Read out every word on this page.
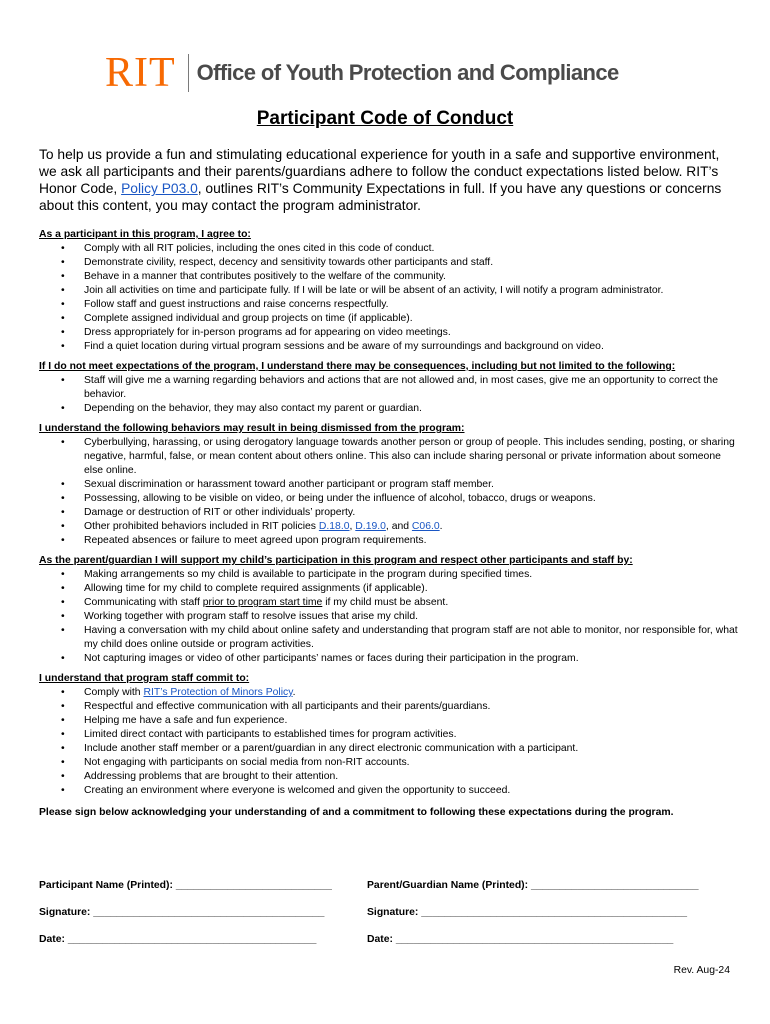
RIT Office of Youth Protection and Compliance
Participant Code of Conduct
To help us provide a fun and stimulating educational experience for youth in a safe and supportive environment, we ask all participants and their parents/guardians adhere to follow the conduct expectations listed below. RIT’s Honor Code, Policy P03.0, outlines RIT’s Community Expectations in full. If you have any questions or concerns about this content, you may contact the program administrator.
As a participant in this program, I agree to:
• Comply with all RIT policies, including the ones cited in this code of conduct.
• Demonstrate civility, respect, decency and sensitivity towards other participants and staff.
• Behave in a manner that contributes positively to the welfare of the community.
• Join all activities on time and participate fully. If I will be late or will be absent of an activity, I will notify a program administrator.
• Follow staff and guest instructions and raise concerns respectfully.
• Complete assigned individual and group projects on time (if applicable).
• Dress appropriately for in-person programs ad for appearing on video meetings.
• Find a quiet location during virtual program sessions and be aware of my surroundings and background on video.
If I do not meet expectations of the program, I understand there may be consequences, including but not limited to the following:
• Staff will give me a warning regarding behaviors and actions that are not allowed and, in most cases, give me an opportunity to correct the behavior.
• Depending on the behavior, they may also contact my parent or guardian.
I understand the following behaviors may result in being dismissed from the program:
• Cyberbullying, harassing, or using derogatory language towards another person or group of people. This includes sending, posting, or sharing negative, harmful, false, or mean content about others online. This also can include sharing personal or private information about someone else online.
• Sexual discrimination or harassment toward another participant or program staff member.
• Possessing, allowing to be visible on video, or being under the influence of alcohol, tobacco, drugs or weapons.
• Damage or destruction of RIT or other individuals’ property.
• Other prohibited behaviors included in RIT policies D.18.0, D.19.0, and C06.0.
• Repeated absences or failure to meet agreed upon program requirements.
As the parent/guardian I will support my child’s participation in this program and respect other participants and staff by:
• Making arrangements so my child is available to participate in the program during specified times.
• Allowing time for my child to complete required assignments (if applicable).
• Communicating with staff prior to program start time if my child must be absent.
• Working together with program staff to resolve issues that arise my child.
• Having a conversation with my child about online safety and understanding that program staff are not able to monitor, nor responsible for, what my child does online outside or program activities.
• Not capturing images or video of other participants’ names or faces during their participation in the program.
I understand that program staff commit to:
• Comply with RIT’s Protection of Minors Policy.
• Respectful and effective communication with all participants and their parents/guardians.
• Helping me have a safe and fun experience.
• Limited direct contact with participants to established times for program activities.
• Include another staff member or a parent/guardian in any direct electronic communication with a participant.
• Not engaging with participants on social media from non-RIT accounts.
• Addressing problems that are brought to their attention.
• Creating an environment where everyone is welcomed and given the opportunity to succeed.
Please sign below acknowledging your understanding of and a commitment to following these expectations during the program.
Participant Name (Printed): ___________________________	Parent/Guardian Name (Printed): _____________________________
Signature: ________________________________________	Signature: ______________________________________________
Date: ___________________________________________	Date: ________________________________________________
Rev. Aug-24
